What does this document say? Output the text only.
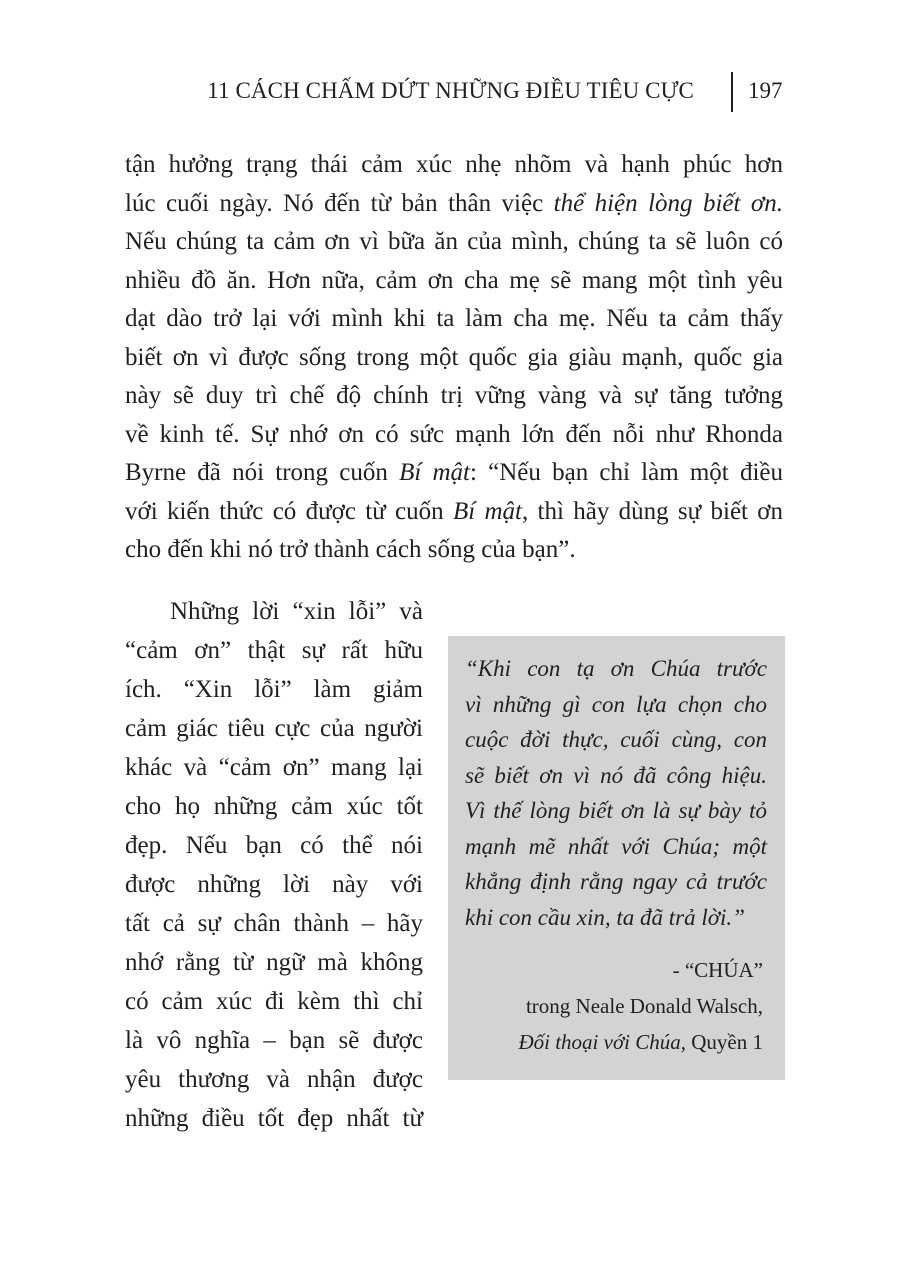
11 CÁCH CHẤM DỨT NHỮNG ĐIỀU TIÊU CỰC 197

tận hưởng trạng thái cảm xúc nhẹ nhõm và hạnh phúc hơn
lúc cuối ngày. Nó đến từ bản thân việc thể hiện lòng biết ơn.
Nếu chúng ta cảm ơn vì bữa ăn của mình, chúng ta sẽ luôn có
nhiều đồ ăn. Hơn nữa, cảm ơn cha mẹ sẽ mang một tình yêu
dạt dào trở lại với mình khi ta làm cha mẹ. Nếu ta cảm thấy
biết ơn vì được sống trong một quốc gia giàu mạnh, quốc gia
này sẽ duy trì chế độ chính trị vững vàng và sự tăng tưởng
về kinh tế. Sự nhớ ơn có sức mạnh lớn đến nỗi như Rhonda
Byrne đã nói trong cuốn Bí mật: “Nếu bạn chỉ làm một điều
với kiến thức có được từ cuốn Bí mật, thì hãy dùng sự biết ơn
cho đến khi nó trở thành cách sống của bạn”.

Những lời “xin lỗi” và
“cảm ơn” thật sự rất hữu
ích. “Xin lỗi” làm giảm
cảm giác tiêu cực của người
khác và “cảm ơn” mang lại
cho họ những cảm xúc tốt
đẹp. Nếu bạn có thể nói
được những lời này với
tất cả sự chân thành – hãy
nhớ rằng từ ngữ mà không
có cảm xúc đi kèm thì chỉ
là vô nghĩa – bạn sẽ được
yêu thương và nhận được
những điều tốt đẹp nhất từ

“Khi con tạ ơn Chúa trước
vì những gì con lựa chọn cho
cuộc đời thực, cuối cùng, con
sẽ biết ơn vì nó đã công hiệu.
Vì thế lòng biết ơn là sự bày tỏ
mạnh mẽ nhất với Chúa; một
khẳng định rằng ngay cả trước
khi con cầu xin, ta đã trả lời.”

- “CHÚA”
trong Neale Donald Walsch,
Đối thoại với Chúa, Quyền 1
